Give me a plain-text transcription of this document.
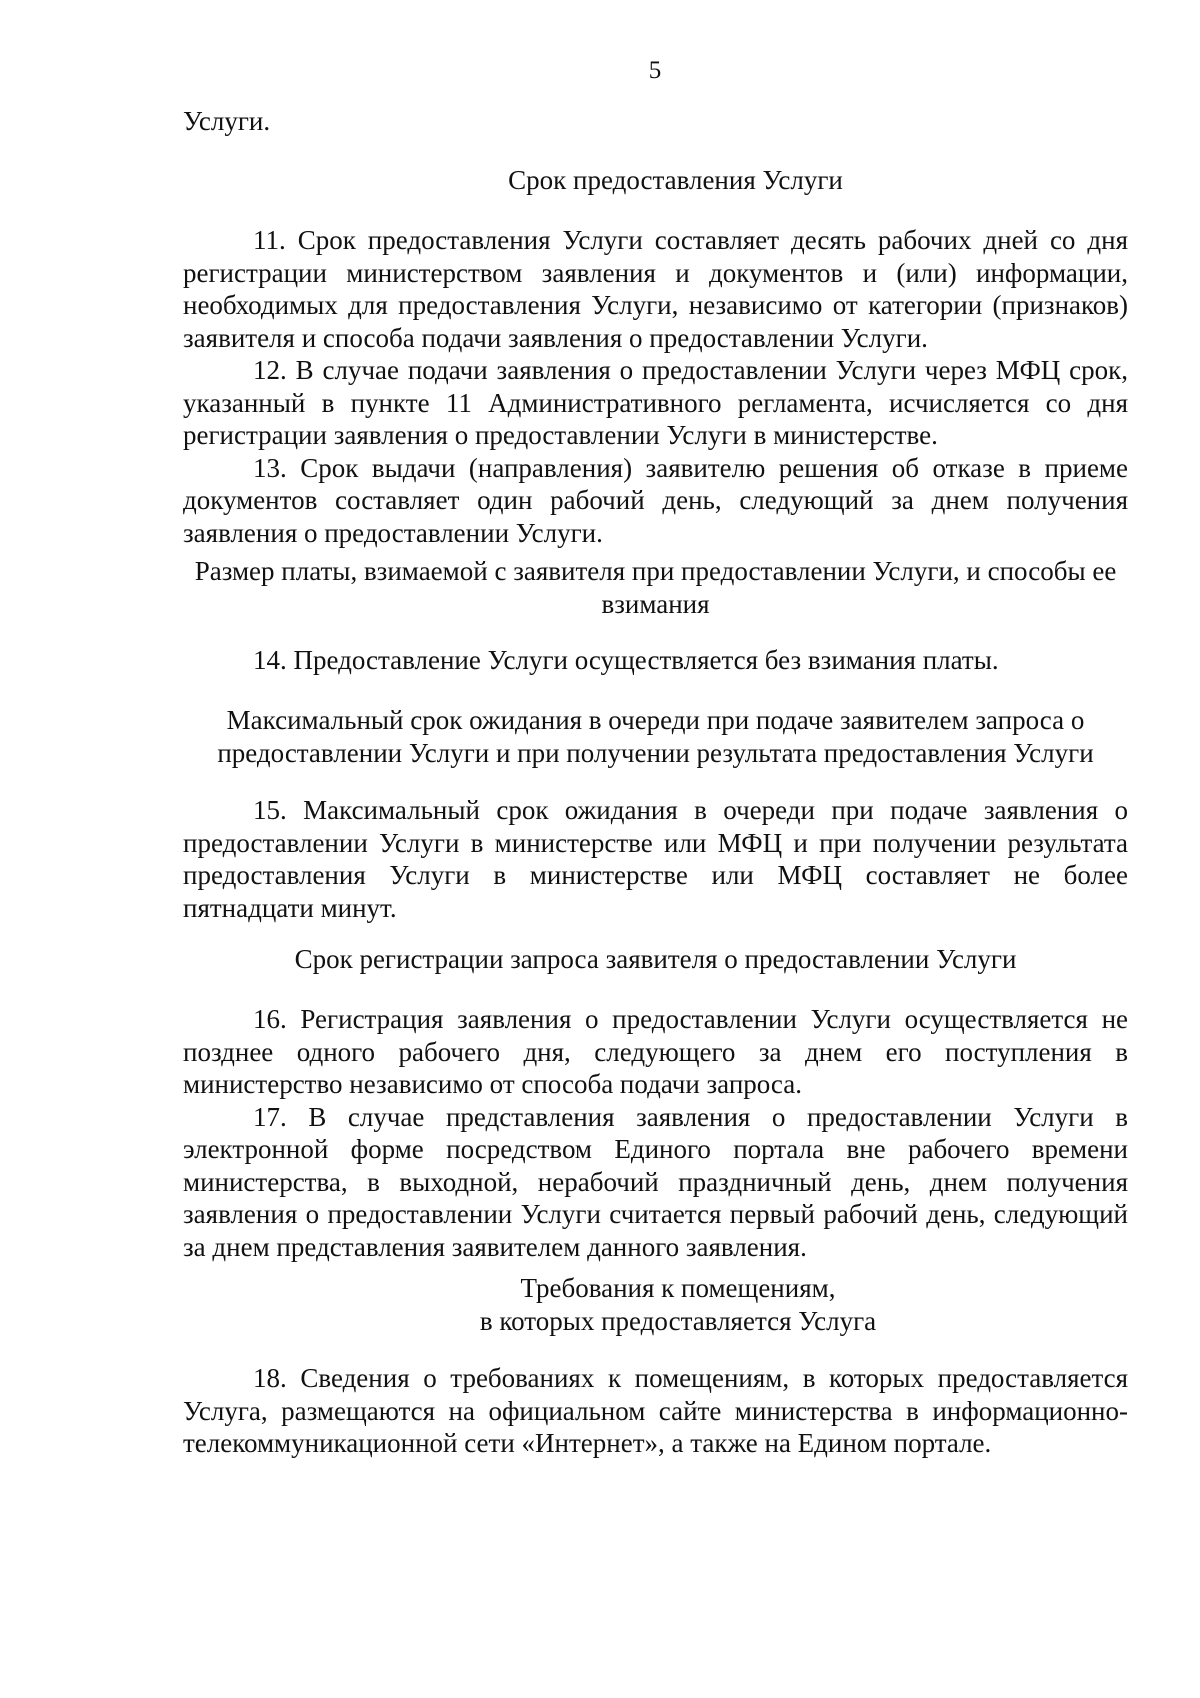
5
Услуги.

Срок предоставления Услуги

11. Срок предоставления Услуги составляет десять рабочих дней со дня регистрации министерством заявления и документов и (или) информации, необходимых для предоставления Услуги, независимо от категории (признаков) заявителя и способа подачи заявления о предоставлении Услуги.

12. В случае подачи заявления о предоставлении Услуги через МФЦ срок, указанный в пункте 11 Административного регламента, исчисляется со дня регистрации заявления о предоставлении Услуги в министерстве.

13. Срок выдачи (направления) заявителю решения об отказе в приеме документов составляет один рабочий день, следующий за днем получения заявления о предоставлении Услуги.

Размер платы, взимаемой с заявителя при предоставлении Услуги, и способы ее взимания

14. Предоставление Услуги осуществляется без взимания платы.

Максимальный срок ожидания в очереди при подаче заявителем запроса о предоставлении Услуги и при получении результата предоставления Услуги

15. Максимальный срок ожидания в очереди при подаче заявления о предоставлении Услуги в министерстве или МФЦ и при получении результата предоставления Услуги в министерстве или МФЦ составляет не более пятнадцати минут.

Срок регистрации запроса заявителя о предоставлении Услуги

16. Регистрация заявления о предоставлении Услуги осуществляется не позднее одного рабочего дня, следующего за днем его поступления в министерство независимо от способа подачи запроса.

17. В случае представления заявления о предоставлении Услуги в электронной форме посредством Единого портала вне рабочего времени министерства, в выходной, нерабочий праздничный день, днем получения заявления о предоставлении Услуги считается первый рабочий день, следующий за днем представления заявителем данного заявления.

Требования к помещениям,

в которых предоставляется Услуга

18. Сведения о требованиях к помещениям, в которых предоставляется Услуга, размещаются на официальном сайте министерства в информационно-телекоммуникационной сети «Интернет», а также на Едином портале.
